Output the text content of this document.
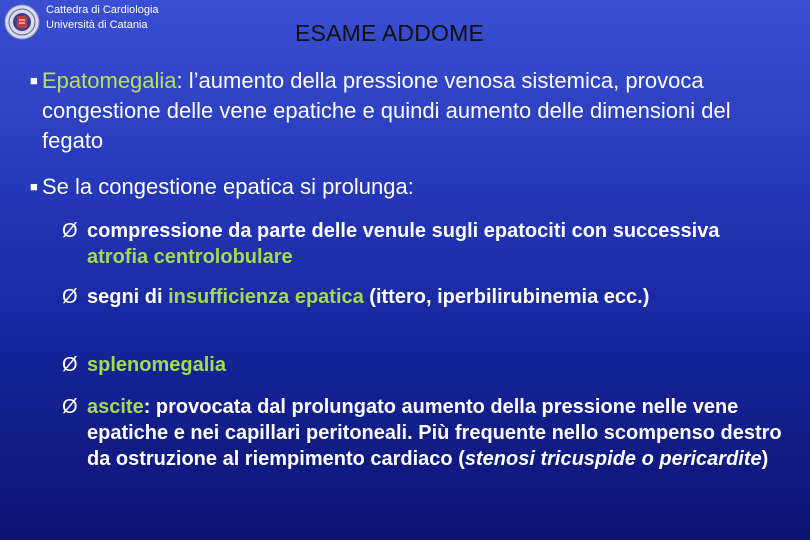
Cattedra di Cardiologia
Università di Catania	ESAME ADDOME
■ Epatomegalia: l’aumento della pressione venosa sistemica, provoca congestione delle vene epatiche e quindi aumento delle dimensioni del fegato
■ Se la congestione epatica si prolunga:
Ø compressione da parte delle venule sugli epatociti con successiva atrofia centrolobulare
Ø segni di insufficienza epatica (ittero, iperbilirubinemia ecc.)
Ø splenomegalia
Ø ascite: provocata dal prolungato aumento della pressione nelle vene epatiche e nei capillari peritoneali. Più frequente nello scompenso destro da ostruzione al riempimento cardiaco (stenosi tricuspide o pericardite)
